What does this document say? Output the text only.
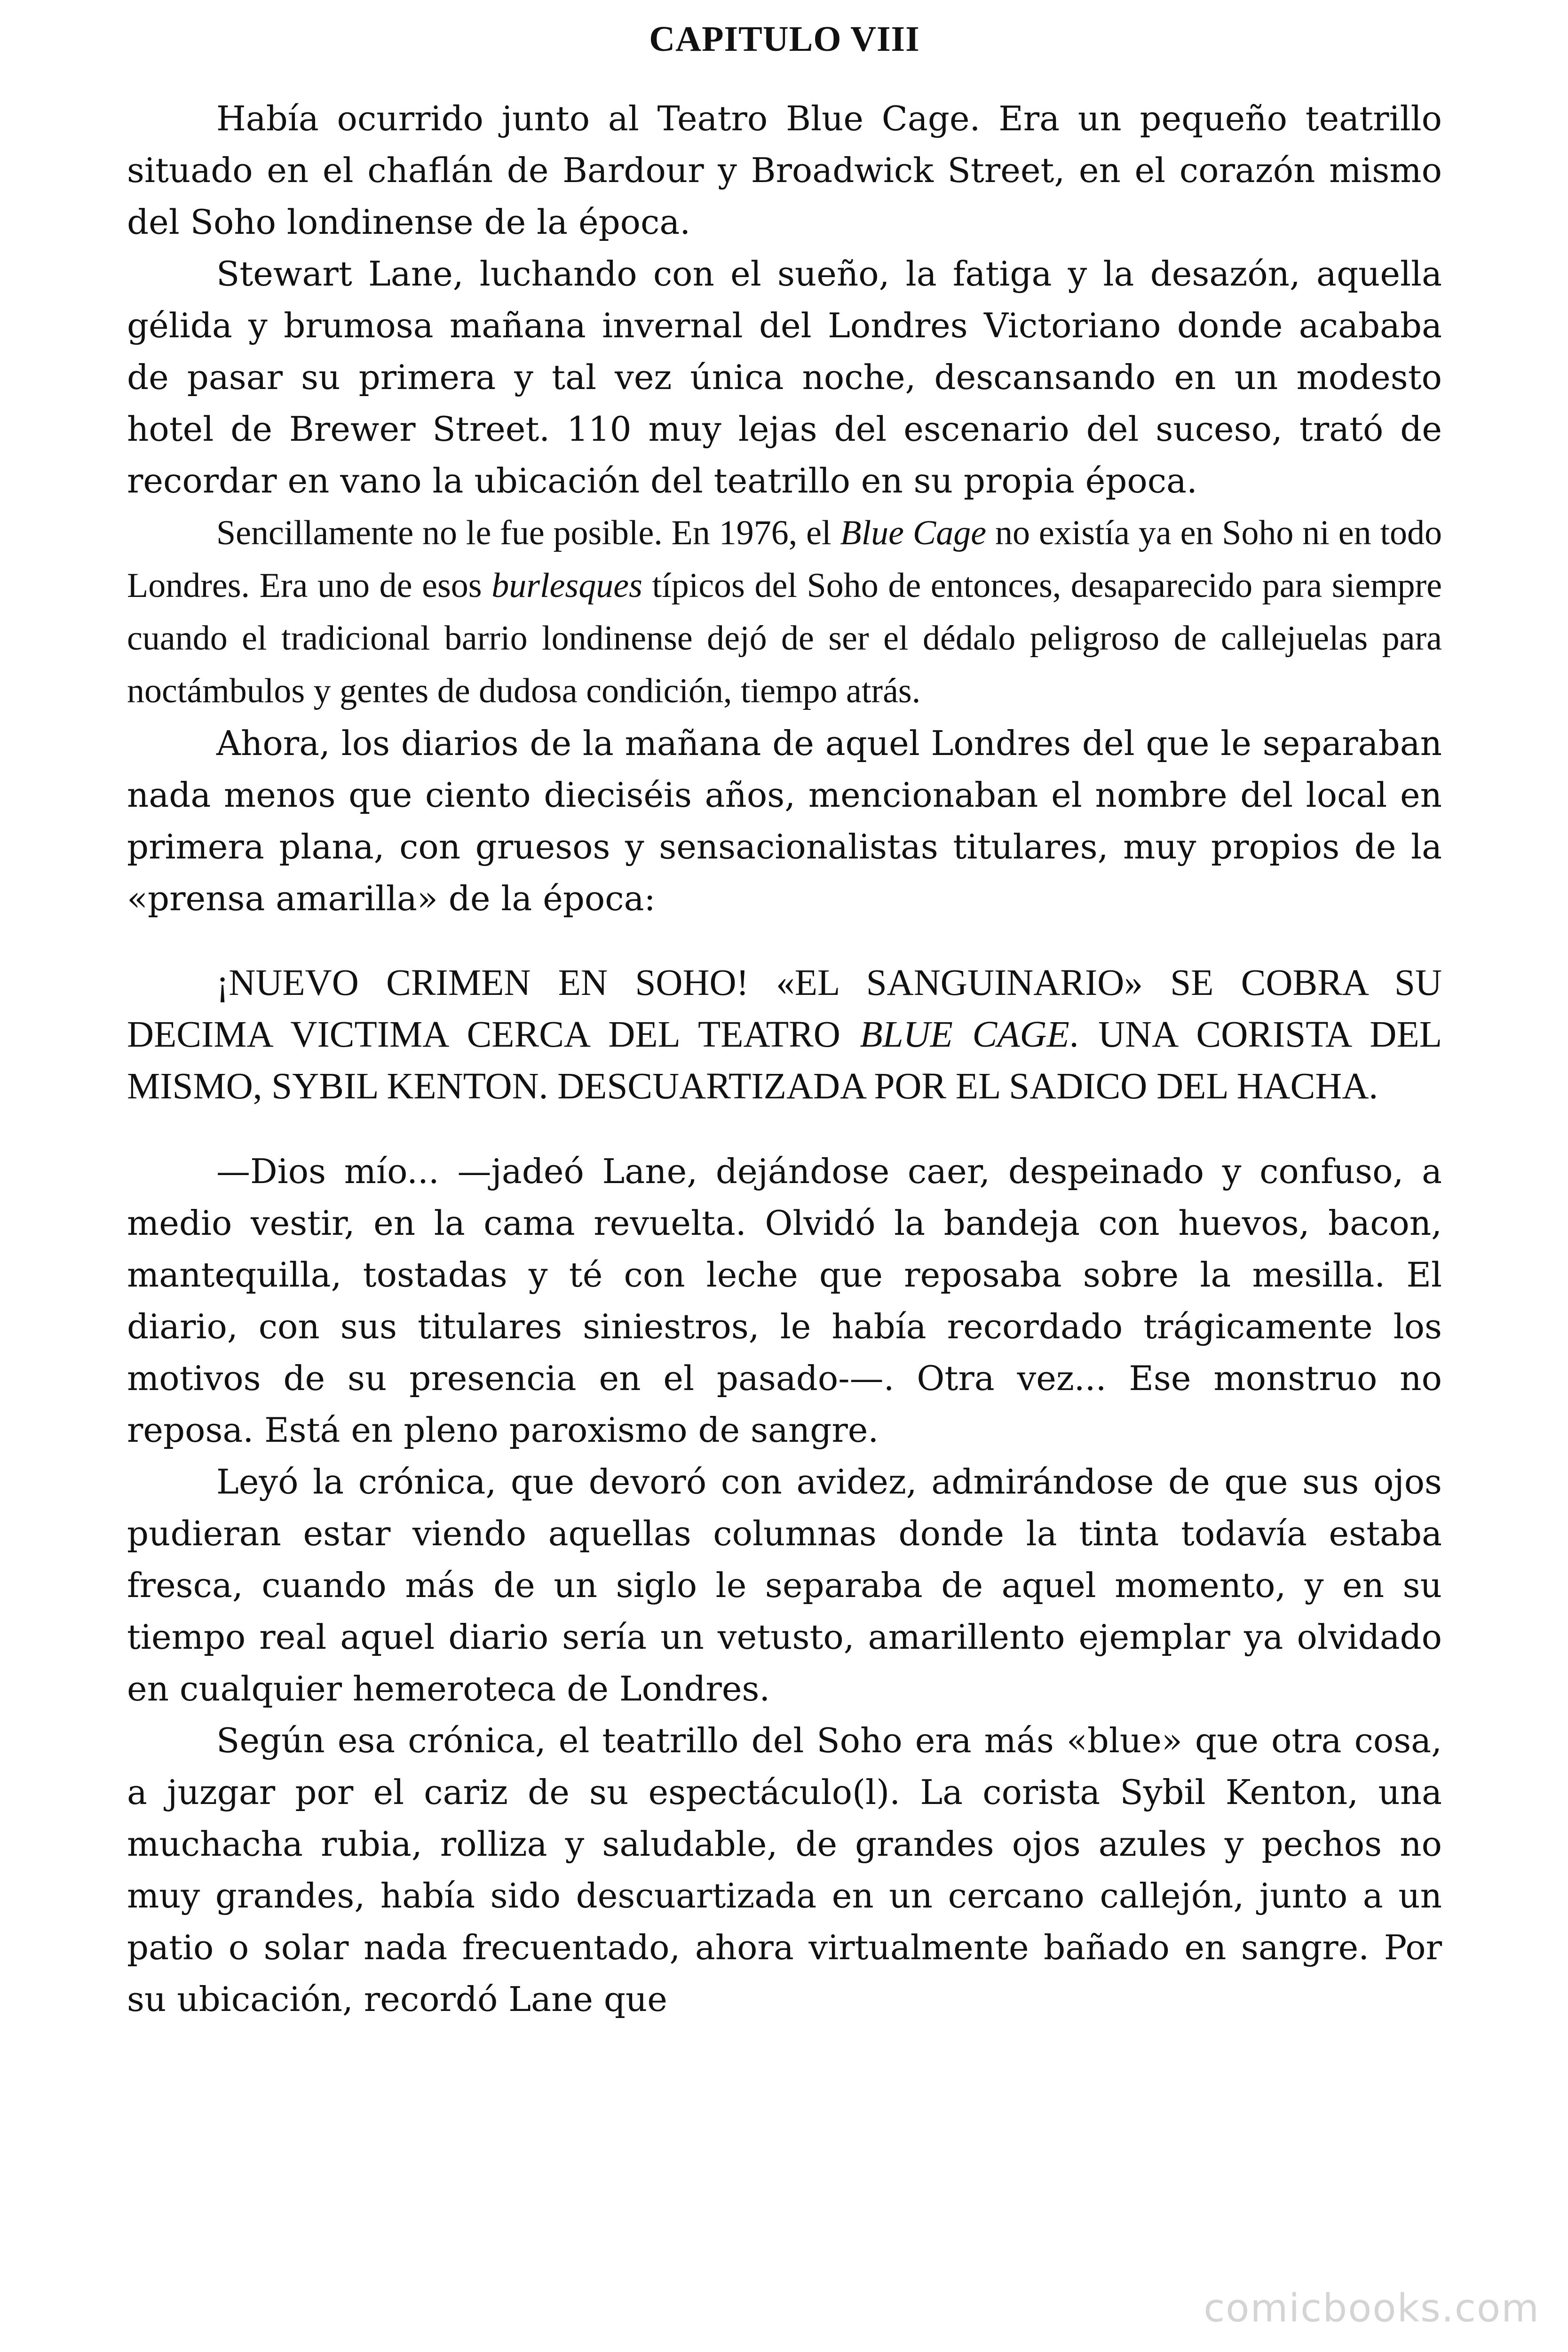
CAPITULO VIII

Había ocurrido junto al Teatro Blue Cage. Era un pequeño teatrillo situado en el chaflán de Bardour y Broadwick Street, en el corazón mismo del Soho londinense de la época.

Stewart Lane, luchando con el sueño, la fatiga y la desazón, aquella gélida y brumosa mañana invernal del Londres Victoriano donde acababa de pasar su primera y tal vez única noche, descansando en un modesto hotel de Brewer Street. 110 muy lejas del escenario del suceso, trató de recordar en vano la ubicación del teatrillo en su propia época.

Sencillamente no le fue posible. En 1976, el Blue Cage no existía ya en Soho ni en todo Londres. Era uno de esos burlesques típicos del Soho de entonces, desaparecido para siempre cuando el tradicional barrio londinense dejó de ser el dédalo peligroso de callejuelas para noctámbulos y gentes de dudosa condición, tiempo atrás.

Ahora, los diarios de la mañana de aquel Londres del que le separaban nada menos que ciento dieciséis años, mencionaban el nombre del local en primera plana, con gruesos y sensacionalistas titulares, muy propios de la «prensa amarilla» de la época:

¡NUEVO CRIMEN EN SOHO! «EL SANGUINARIO» SE COBRA SU DECIMA VICTIMA CERCA DEL TEATRO BLUE CAGE. UNA CORISTA DEL MISMO, SYBIL KENTON. DESCUARTIZADA POR EL SADICO DEL HACHA.

—Dios mío... —jadeó Lane, dejándose caer, despeinado y confuso, a medio vestir, en la cama revuelta. Olvidó la bandeja con huevos, bacon, mantequilla, tostadas y té con leche que reposaba sobre la mesilla. El diario, con sus titulares siniestros, le había recordado trágicamente los motivos de su presencia en el pasado-—. Otra vez... Ese monstruo no reposa. Está en pleno paroxismo de sangre.

Leyó la crónica, que devoró con avidez, admirándose de que sus ojos pudieran estar viendo aquellas columnas donde la tinta todavía estaba fresca, cuando más de un siglo le separaba de aquel momento, y en su tiempo real aquel diario sería un vetusto, amarillento ejemplar ya olvidado en cualquier hemeroteca de Londres.

Según esa crónica, el teatrillo del Soho era más «blue» que otra cosa, a juzgar por el cariz de su espectáculo(l). La corista Sybil Kenton, una muchacha rubia, rolliza y saludable, de grandes ojos azules y pechos no muy grandes, había sido descuartizada en un cercano callejón, junto a un patio o solar nada frecuentado, ahora virtualmente bañado en sangre. Por su ubicación, recordó Lane que

comicbooks.com
